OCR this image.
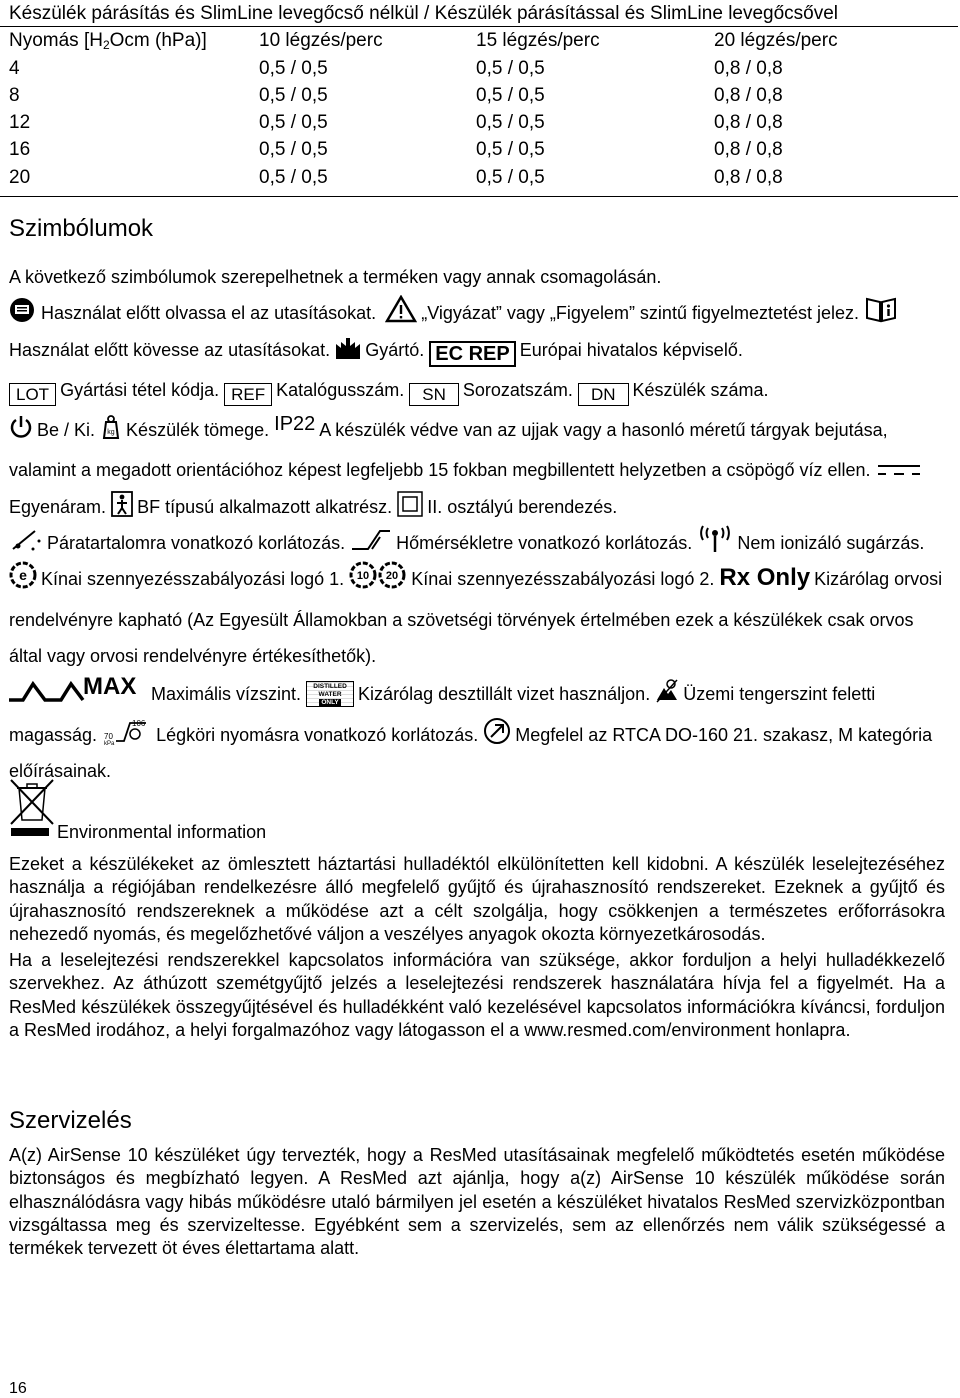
Készülék párásítás és SlimLine levegőcső nélkül / Készülék párásítással és SlimLine levegőcsővel
Nyomás [$H_2Ocm$ (hPa)]	10 légzés/perc	15 légzés/perc	20 légzés/perc
4	0,5 / 0,5	0,5 / 0,5	0,8 / 0,8
8	0,5 / 0,5	0,5 / 0,5	0,8 / 0,8
12	0,5 / 0,5	0,5 / 0,5	0,8 / 0,8
16	0,5 / 0,5	0,5 / 0,5	0,8 / 0,8
20	0,5 / 0,5	0,5 / 0,5	0,8 / 0,8
Szimbólumok
A következő szimbólumok szerepelhetnek a terméken vagy annak csomagolásán.

Használat előtt olvassa el az utasításokat.	„Vigyázat” vagy „Figyelem” szintű figyelmeztetést jelez.
Használat előtt kövesse az utasításokat. Gyártó. EC REP Európai hivatalos képviselő.
LOT Gyártási tétel kódja. REF Katalógusszám. SN Sorozatszám. DN Készülék száma.

Be / Ki. kg Készülék tömege. IP22 A készülék védve van az ujjak vagy a hasonló méretű tárgyak bejutása, valamint a megadott orientációhoz képest legfeljebb 15 fokban megbillentett helyzetben a csöpögő víz ellen.
Egyenáram. BF típusú alkalmazott alkatrész. II. osztályú berendezés.

Páratartalomra vonatkozó korlátozás.	Hőmérsékletre vonatkozó korlátozás.	Nem ionizáló sugárzás.
e Kínai szennyezésszabályozási logó 1. 10 20 Kínai szennyezésszabályozási logó 2. Rx Only Kizárólag orvosi rendelvényre kapható (Az Egyesült Államokban a szövetségi törvények értelmében ezek a készülékek csak orvos által vagy orvosi rendelvényre értékesíthetők).

MAX Maximális vízszint. DISTILLED
WATER
ONLY Kizárólag desztillált vizet használjon. Üzemi tengerszint feletti magasság.
106
70
kPa Légköri nyomásra vonatkozó korlátozás. Megfelel az RTCA DO-160 21. szakasz, M kategória előírásainak.
Environmental information

Ezeket a készülékeket az ömlesztett háztartási hulladéktól elkülönítetten kell kidobni. A készülék leselejtezéséhez használja a régiójában rendelkezésre álló megfelelő gyűjtő és újrahasznosító rendszereket. Ezeknek a gyűjtő és újrahasznosító rendszereknek a működése azt a célt szolgálja, hogy csökkenjen a természetes erőforrásokra nehezedő nyomás, és megelőzhetővé váljon a veszélyes anyagok okozta környezetkárosodás.

Ha a leselejtezési rendszerekkel kapcsolatos információra van szüksége, akkor forduljon a helyi hulladékkezelő szervekhez. Az áthúzott szemétgyűjtő jelzés a leselejtezési rendszerek használatára hívja fel a figyelmét. Ha a ResMed készülékek összegyűjtésével és hulladékként való kezelésével kapcsolatos információkra kíváncsi, forduljon a ResMed irodához, a helyi forgalmazóhoz vagy látogasson el a www.resmed.com/environment honlapra.

Szervizelés

A(z) AirSense 10 készüléket úgy tervezték, hogy a ResMed utasításainak megfelelő működtetés esetén működése biztonságos és megbízható legyen. A ResMed azt ajánlja, hogy a(z) AirSense 10 készülék működése során elhasználódásra vagy hibás működésre utaló bármilyen jel esetén a készüléket hivatalos ResMed szervizközpontban vizsgáltassa meg és szervizeltesse. Egyébként sem a szervizelés, sem az ellenőrzés nem válik szükségessé a termékek tervezett öt éves élettartama alatt.

16
